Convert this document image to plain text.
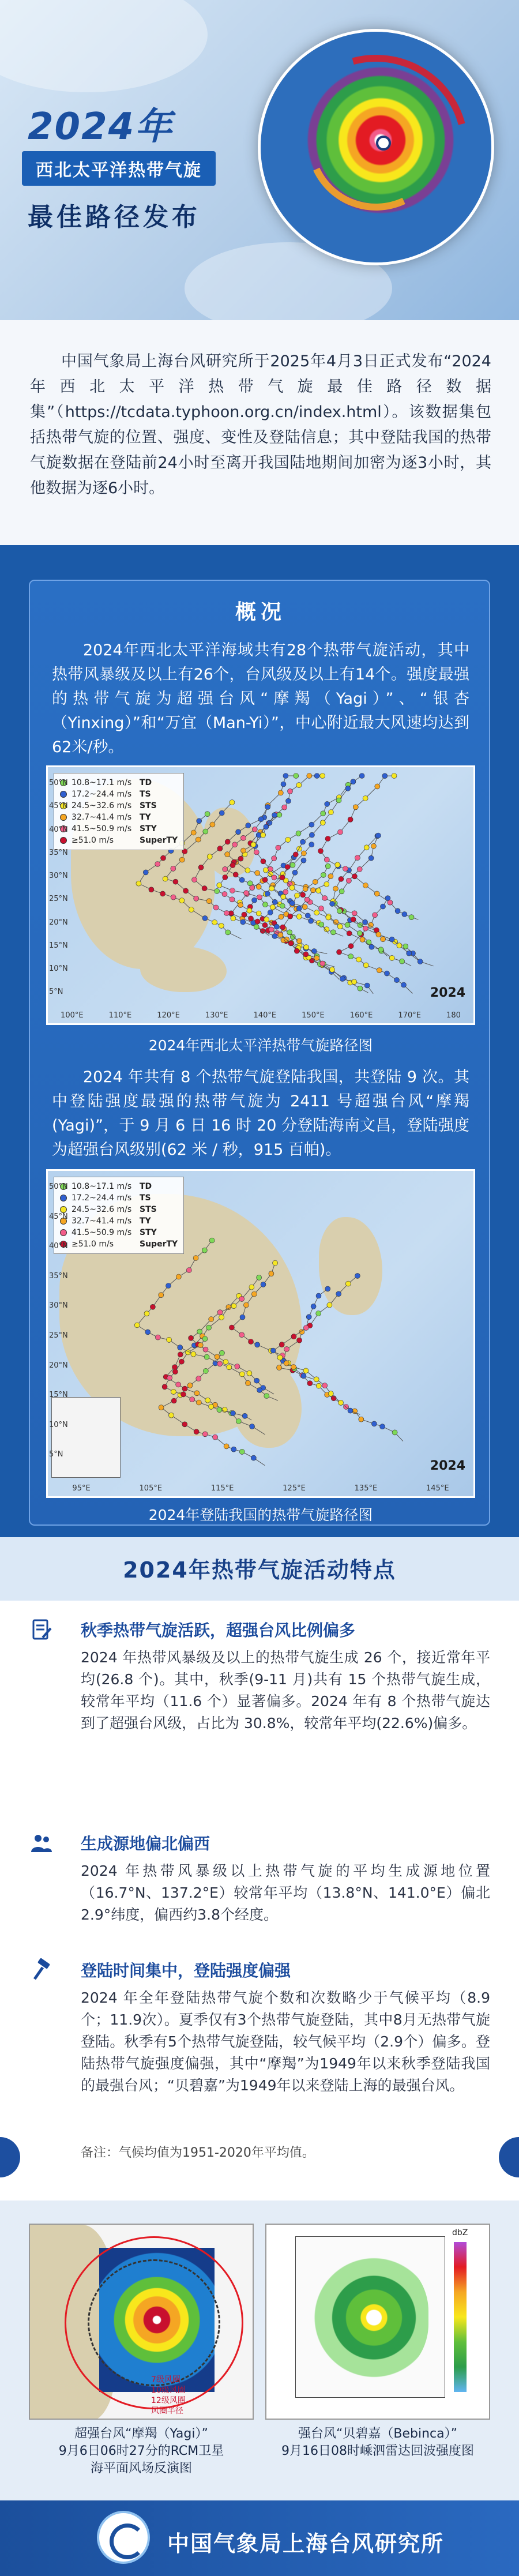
2024年
西北太平洋热带气旋
最佳路径发布
中国气象局上海台风研究所于2025年4月3日正式发布“2024年西北太平洋热带气旋最佳路径数据集”（https://tcdata.typhoon.org.cn/index.html）。该数据集包括热带气旋的位置、强度、变性及登陆信息；其中登陆我国的热带气旋数据在登陆前24小时至离开我国陆地期间加密为逐3小时，其他数据为逐6小时。
概况
2024年西北太平洋海域共有28个热带气旋活动，其中热带风暴级及以上有26个，台风级及以上有14个。强度最强的热带气旋为超强台风“摩羯（Yagi）”、“银杏（Yinxing）”和“万宜（Man-Yi）”，中心附近最大风速均达到62米/秒。
10.8~17.1 m/s TD
17.2~24.4 m/s TS
24.5~32.6 m/s STS
32.7~41.4 m/s TY
41.5~50.9 m/s STY
≥51.0 m/s	SuperTY
50°N
45°N
40°N
35°N
30°N
25°N
20°N
15°N
10°N
5°N
100°E	110°E	120°E	130°E	140°E	150°E	160°E	170°E	180
2024
2024年西北太平洋热带气旋路径图
2024 年共有 8 个热带气旋登陆我国，共登陆 9 次。其中登陆强度最强的热带气旋为 2411 号超强台风“摩羯(Yagi)”，于 9 月 6 日 16 时 20 分登陆海南文昌，登陆强度为超强台风级别(62 米 / 秒，915 百帕)。
10.8~17.1 m/s TD
17.2~24.4 m/s TS
24.5~32.6 m/s STS
32.7~41.4 m/s TY
41.5~50.9 m/s STY
≥51.0 m/s	SuperTY
50°N
45°N
40°N
35°N
30°N
25°N
20°N
15°N
10°N
5°N
95°E	105°E	115°E	125°E	135°E	145°E
2024
2024年登陆我国的热带气旋路径图
2024年热带气旋活动特点
秋季热带气旋活跃，超强台风比例偏多
2024 年热带风暴级及以上的热带气旋生成 26 个，接近常年平均(26.8 个)。其中，秋季(9-11 月)共有 15 个热带气旋生成，较常年平均（11.6 个）显著偏多。2024 年有 8 个热带气旋达到了超强台风级，占比为 30.8%，较常年平均(22.6%)偏多。
生成源地偏北偏西
2024 年热带风暴级以上热带气旋的平均生成源地位置（16.7°N、137.2°E）较常年平均（13.8°N、141.0°E）偏北 2.9°纬度，偏西约3.8个经度。
登陆时间集中，登陆强度偏强
2024 年全年登陆热带气旋个数和次数略少于气候平均（8.9个；11.9次）。夏季仅有3个热带气旋登陆，其中8月无热带气旋登陆。秋季有5个热带气旋登陆，较气候平均（2.9个）偏多。登陆热带气旋强度偏强，其中“摩羯”为1949年以来秋季登陆我国的最强台风；“贝碧嘉”为1949年以来登陆上海的最强台风。
备注：气候均值为1951-2020年平均值。
7级风圈
10级风圈
12级风圈
风圈半径
超强台风“摩羯（Yagi）”
9月6日06时27分的RCM卫星
海平面风场反演图
dbZ
强台风“贝碧嘉（Bebinca）”
9月16日08时嵊泗雷达回波强度图
中国气象局上海台风研究所
